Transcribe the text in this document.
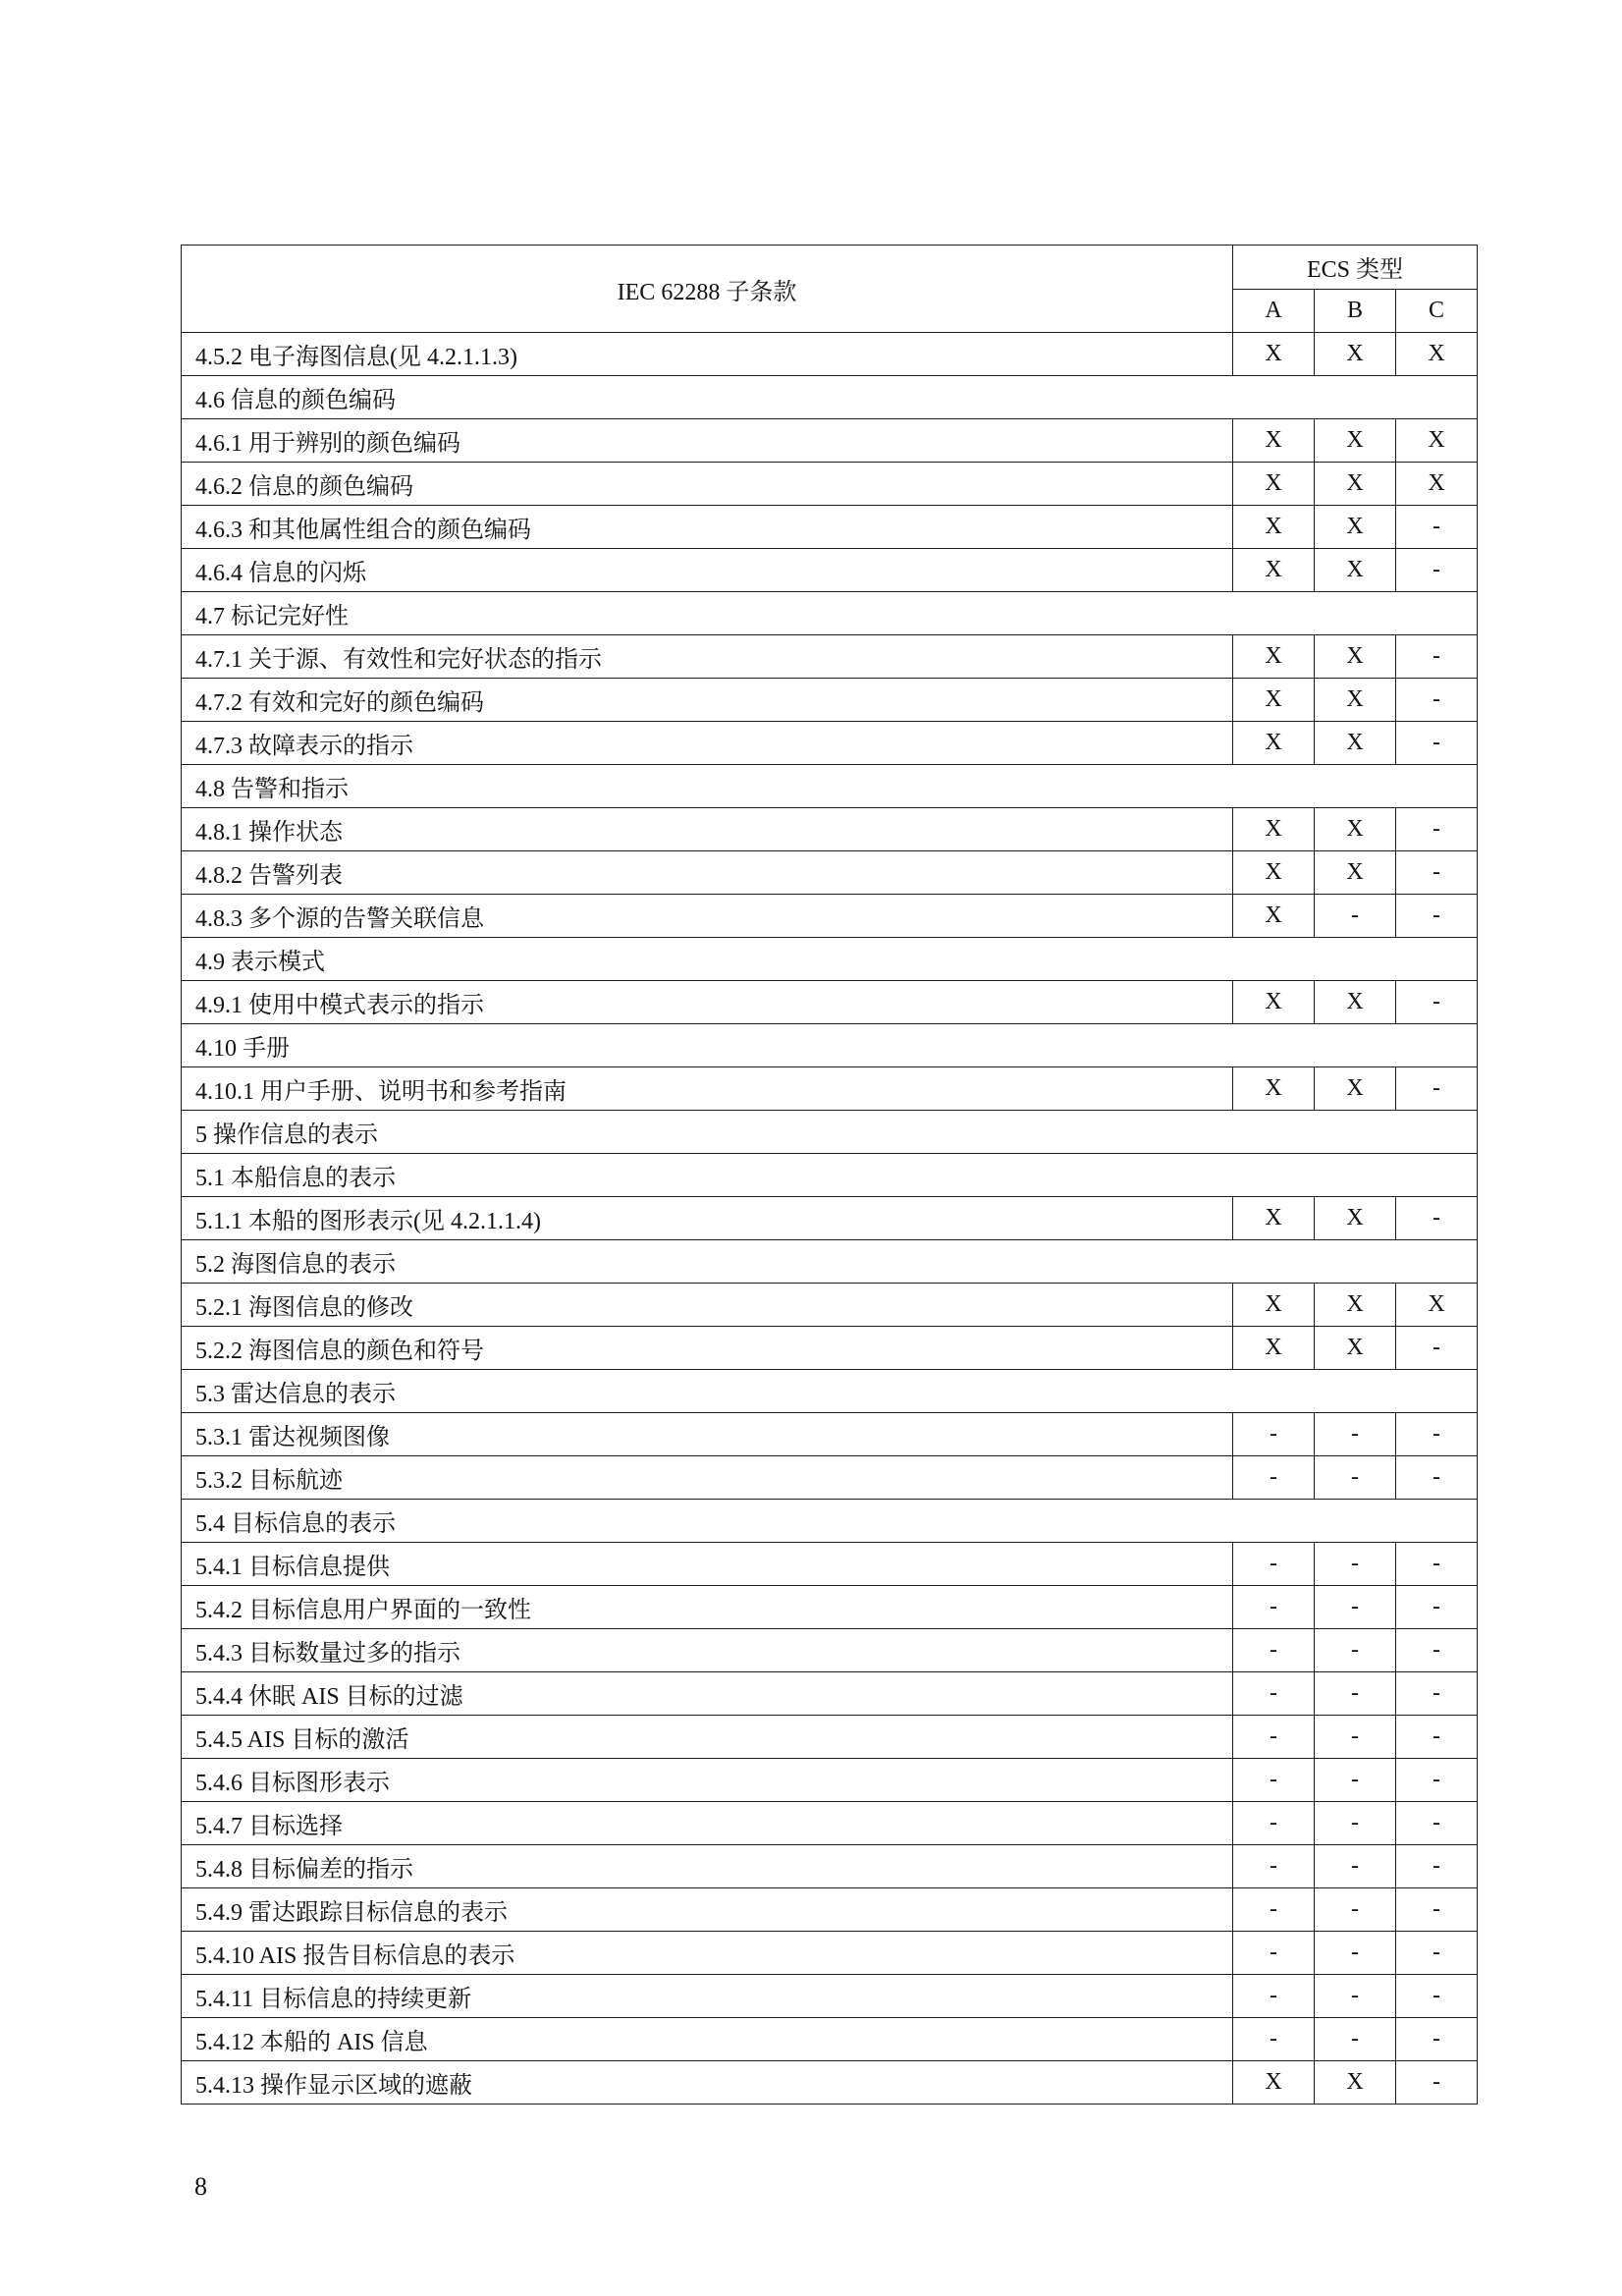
IEC 62288 子条款	ECS 类型		
	A	B	C
4.5.2 电子海图信息(见 4.2.1.1.3)	X	X	X
4.6 信息的颜色编码			
4.6.1 用于辨别的颜色编码	X	X	X
4.6.2 信息的颜色编码	X	X	X
4.6.3 和其他属性组合的颜色编码	X	X	-
4.6.4 信息的闪烁	X	X	-
4.7 标记完好性			
4.7.1 关于源、有效性和完好状态的指示	X	X	-
4.7.2 有效和完好的颜色编码	X	X	-
4.7.3 故障表示的指示	X	X	-
4.8 告警和指示			
4.8.1 操作状态	X	X	-
4.8.2 告警列表	X	X	-
4.8.3 多个源的告警关联信息	X	-	-
4.9 表示模式			
4.9.1 使用中模式表示的指示	X	X	-
4.10 手册			
4.10.1 用户手册、说明书和参考指南	X	X	-
5 操作信息的表示			
5.1 本船信息的表示			
5.1.1 本船的图形表示(见 4.2.1.1.4)	X	X	-
5.2 海图信息的表示			
5.2.1 海图信息的修改	X	X	X
5.2.2 海图信息的颜色和符号	X	X	-
5.3 雷达信息的表示			
5.3.1 雷达视频图像	-	-	-
5.3.2 目标航迹	-	-	-
5.4 目标信息的表示			
5.4.1 目标信息提供	-	-	-
5.4.2 目标信息用户界面的一致性	-	-	-
5.4.3 目标数量过多的指示	-	-	-
5.4.4 休眠 AIS 目标的过滤	-	-	-
5.4.5 AIS 目标的激活	-	-	-
5.4.6 目标图形表示	-	-	-
5.4.7 目标选择	-	-	-
5.4.8 目标偏差的指示	-	-	-
5.4.9 雷达跟踪目标信息的表示	-	-	-
5.4.10 AIS 报告目标信息的表示	-	-	-
5.4.11 目标信息的持续更新	-	-	-
5.4.12 本船的 AIS 信息	-	-	-
5.4.13 操作显示区域的遮蔽	X	X	-
8
